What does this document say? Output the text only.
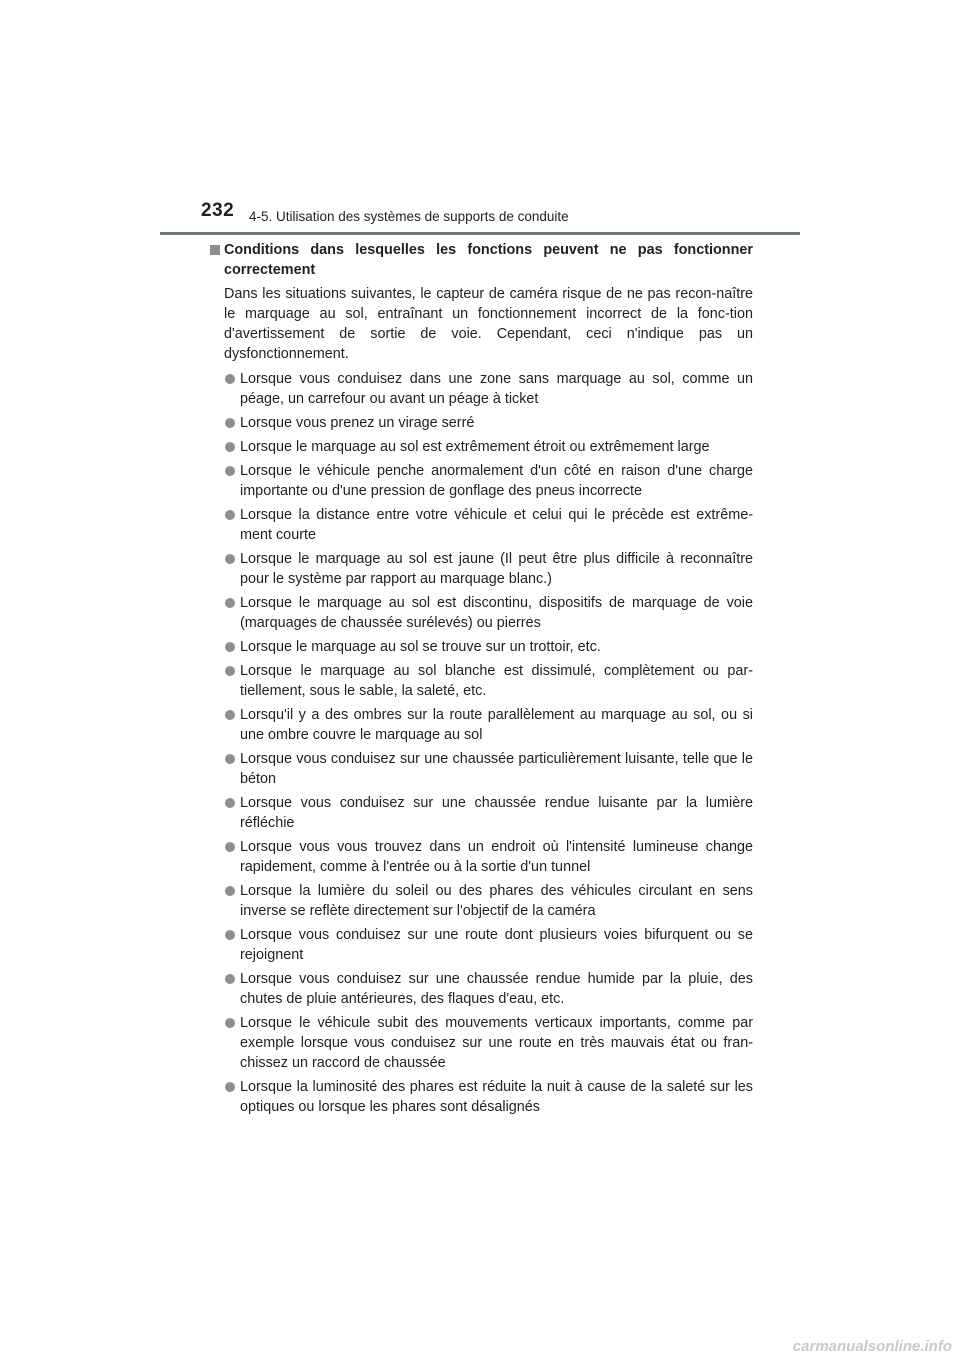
232 4-5. Utilisation des systèmes de supports de conduite
Conditions dans lesquelles les fonctions peuvent ne pas fonctionner correctement

Dans les situations suivantes, le capteur de caméra risque de ne pas recon-naître le marquage au sol, entraînant un fonctionnement incorrect de la fonc-tion d'avertissement de sortie de voie. Cependant, ceci n'indique pas un dysfonctionnement.

Lorsque vous conduisez dans une zone sans marquage au sol, comme un péage, un carrefour ou avant un péage à ticket
Lorsque vous prenez un virage serré
Lorsque le marquage au sol est extrêmement étroit ou extrêmement large
Lorsque le véhicule penche anormalement d'un côté en raison d'une charge importante ou d'une pression de gonflage des pneus incorrecte
Lorsque la distance entre votre véhicule et celui qui le précède est extrême-ment courte
Lorsque le marquage au sol est jaune (Il peut être plus difficile à reconnaître pour le système par rapport au marquage blanc.)
Lorsque le marquage au sol est discontinu, dispositifs de marquage de voie (marquages de chaussée surélevés) ou pierres
Lorsque le marquage au sol se trouve sur un trottoir, etc.
Lorsque le marquage au sol blanche est dissimulé, complètement ou par-tiellement, sous le sable, la saleté, etc.
Lorsqu'il y a des ombres sur la route parallèlement au marquage au sol, ou si une ombre couvre le marquage au sol
Lorsque vous conduisez sur une chaussée particulièrement luisante, telle que le béton
Lorsque vous conduisez sur une chaussée rendue luisante par la lumière réfléchie
Lorsque vous vous trouvez dans un endroit où l'intensité lumineuse change rapidement, comme à l'entrée ou à la sortie d'un tunnel
Lorsque la lumière du soleil ou des phares des véhicules circulant en sens inverse se reflète directement sur l'objectif de la caméra
Lorsque vous conduisez sur une route dont plusieurs voies bifurquent ou se rejoignent
Lorsque vous conduisez sur une chaussée rendue humide par la pluie, des chutes de pluie antérieures, des flaques d'eau, etc.
Lorsque le véhicule subit des mouvements verticaux importants, comme par exemple lorsque vous conduisez sur une route en très mauvais état ou fran-chissez un raccord de chaussée
Lorsque la luminosité des phares est réduite la nuit à cause de la saleté sur les optiques ou lorsque les phares sont désalignés
carmanualsonline.info
